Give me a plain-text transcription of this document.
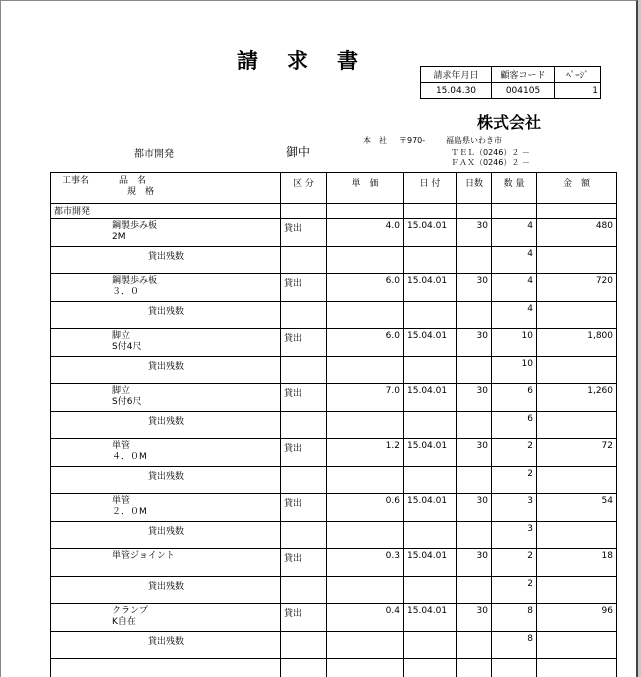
請 求 書
請求年月日	顧客コード	ﾍﾟｰｼﾞ
15.04.30	004105	1
株式会社
本　社 〒970-	福島県いわき市
ＴＥＬ（0246）２ －
ＦＡＸ（0246）２ －
都市開発	御中
工事名 品　名
規　格	区 分	単　価	日 付	日数	数 量	金　額
都市開発						
鋼製歩み板
2M	貸出	4.0	15.04.01	30	4	480
貸出残数					4	
鋼製歩み板
３．０	貸出	6.0	15.04.01	30	4	720
貸出残数					4	
脚立
S付4尺	貸出	6.0	15.04.01	30	10	1,800
貸出残数					10	
脚立
S付6尺	貸出	7.0	15.04.01	30	6	1,260
貸出残数					6	
単管
４．０M	貸出	1.2	15.04.01	30	2	72
貸出残数					2	
単管
２．０M	貸出	0.6	15.04.01	30	3	54
貸出残数					3	
単管ジョイント	貸出	0.3	15.04.01	30	2	18
貸出残数					2	
クランプ
K自在	貸出	0.4	15.04.01	30	8	96
貸出残数					8	
